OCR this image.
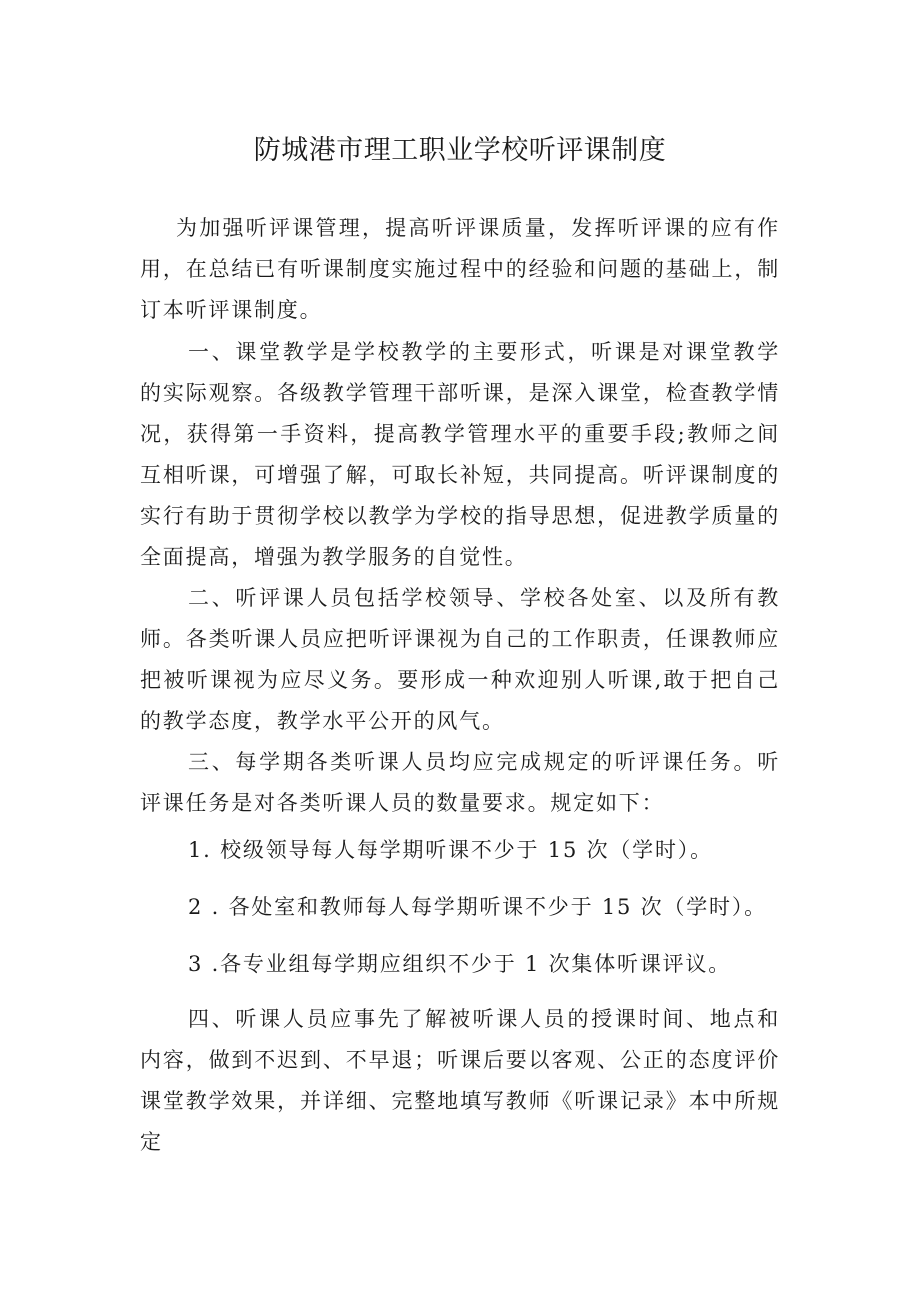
防城港市理工职业学校听评课制度

为加强听评课管理，提高听评课质量，发挥听评课的应有作用，在总结已有听课制度实施过程中的经验和问题的基础上，制订本听评课制度。

一、课堂教学是学校教学的主要形式，听课是对课堂教学的实际观察。各级教学管理干部听课，是深入课堂，检查教学情况，获得第一手资料，提高教学管理水平的重要手段;教师之间互相听课，可增强了解，可取长补短，共同提高。听评课制度的实行有助于贯彻学校以教学为学校的指导思想，促进教学质量的全面提高，增强为教学服务的自觉性。

二、听评课人员包括学校领导、学校各处室、以及所有教师。各类听课人员应把听评课视为自己的工作职责，任课教师应把被听课视为应尽义务。要形成一种欢迎别人听课,敢于把自己的教学态度，教学水平公开的风气。

三、每学期各类听课人员均应完成规定的听评课任务。听评课任务是对各类听课人员的数量要求。规定如下：

1. 校级领导每人每学期听课不少于 15 次（学时）。

2 . 各处室和教师每人每学期听课不少于 15 次（学时）。

3 .各专业组每学期应组织不少于 1 次集体听课评议。

四、听课人员应事先了解被听课人员的授课时间、地点和内容，做到不迟到、不早退；听课后要以客观、公正的态度评价课堂教学效果，并详细、完整地填写教师《听课记录》本中所规定
